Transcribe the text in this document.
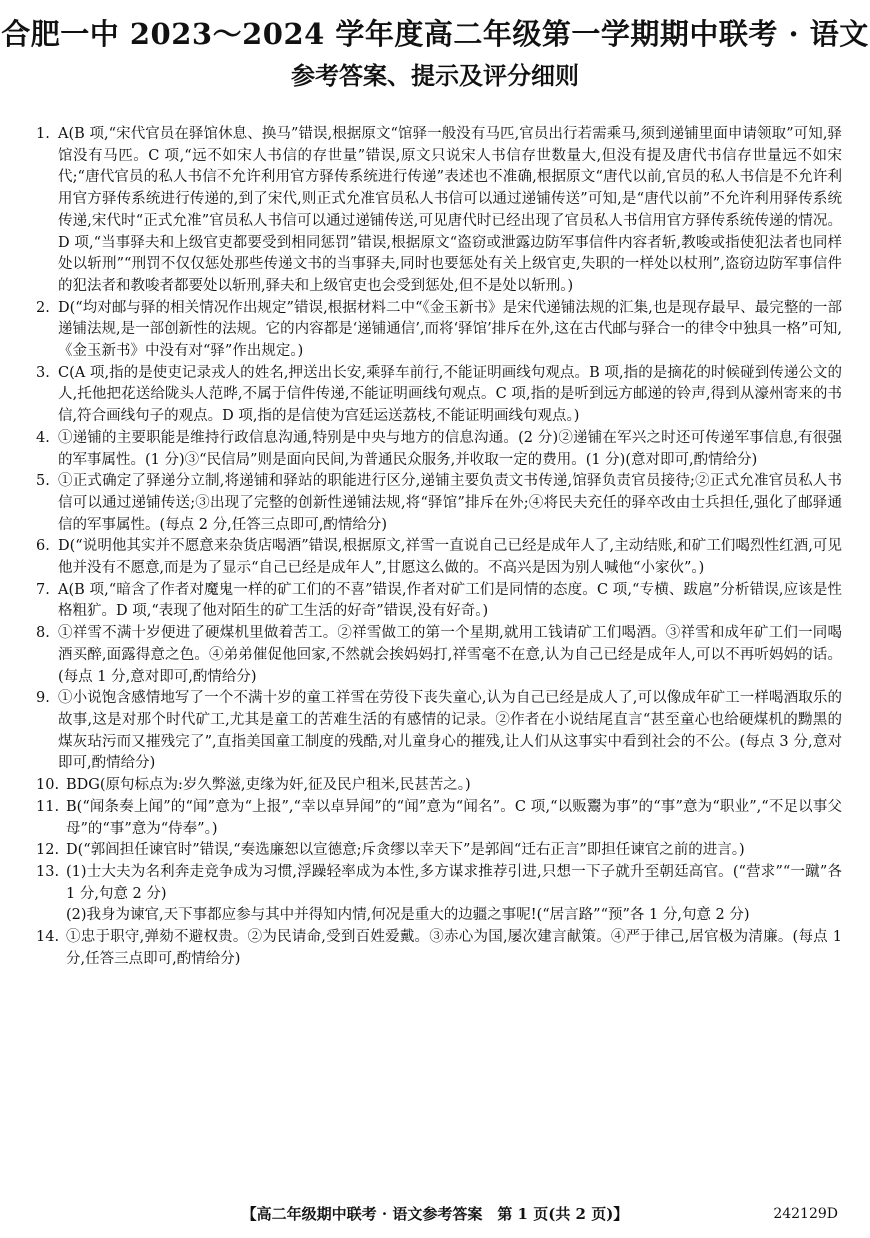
合肥一中 2023～2024 学年度高二年级第一学期期中联考 · 语文
参考答案、提示及评分细则
1. A(B 项,“宋代官员在驿馆休息、换马”错误,根据原文“馆驿一般没有马匹,官员出行若需乘马,须到递铺里面申请领取”可知,驿馆没有马匹。C 项,“远不如宋人书信的存世量”错误,原文只说宋人书信存世数量大,但没有提及唐代书信存世量远不如宋代;“唐代官员的私人书信不允许利用官方驿传系统进行传递”表述也不准确,根据原文“唐代以前,官员的私人书信是不允许利用官方驿传系统进行传递的,到了宋代,则正式允准官员私人书信可以通过递铺传送”可知,是“唐代以前”不允许利用驿传系统传递,宋代时“正式允准”官员私人书信可以通过递铺传送,可见唐代时已经出现了官员私人书信用官方驿传系统传递的情况。D 项,“当事驿夫和上级官吏都要受到相同惩罚”错误,根据原文“盗窃或泄露边防军事信件内容者斩,教唆或指使犯法者也同样处以斩刑”“刑罚不仅仅惩处那些传递文书的当事驿夫,同时也要惩处有关上级官吏,失职的一样处以杖刑”,盗窃边防军事信件的犯法者和教唆者都要处以斩刑,驿夫和上级官吏也会受到惩处,但不是处以斩刑。)
2. D(“均对邮与驿的相关情况作出规定”错误,根据材料二中“《金玉新书》是宋代递铺法规的汇集,也是现存最早、最完整的一部递铺法规,是一部创新性的法规。它的内容都是‘递铺通信’,而将‘驿馆’排斥在外,这在古代邮与驿合一的律令中独具一格”可知,《金玉新书》中没有对“驿”作出规定。)
3. C(A 项,指的是使吏记录戎人的姓名,押送出长安,乘驿车前行,不能证明画线句观点。B 项,指的是摘花的时候碰到传递公文的人,托他把花送给陇头人范晔,不属于信件传递,不能证明画线句观点。C 项,指的是听到远方邮递的铃声,得到从濠州寄来的书信,符合画线句子的观点。D 项,指的是信使为宫廷运送荔枝,不能证明画线句观点。)
4. ①递铺的主要职能是维持行政信息沟通,特别是中央与地方的信息沟通。(2 分)②递铺在军兴之时还可传递军事信息,有很强的军事属性。(1 分)③“民信局”则是面向民间,为普通民众服务,并收取一定的费用。(1 分)(意对即可,酌情给分)
5. ①正式确定了驿递分立制,将递铺和驿站的职能进行区分,递铺主要负责文书传递,馆驿负责官员接待;②正式允准官员私人书信可以通过递铺传送;③出现了完整的创新性递铺法规,将“驿馆”排斥在外;④将民夫充任的驿卒改由士兵担任,强化了邮驿通信的军事属性。(每点 2 分,任答三点即可,酌情给分)
6. D(“说明他其实并不愿意来杂货店喝酒”错误,根据原文,祥雪一直说自己已经是成年人了,主动结账,和矿工们喝烈性红酒,可见他并没有不愿意,而是为了显示“自己已经是成年人”,甘愿这么做的。不高兴是因为别人喊他“小家伙”。)
7. A(B 项,“暗含了作者对魔鬼一样的矿工们的不喜”错误,作者对矿工们是同情的态度。C 项,“专横、跋扈”分析错误,应该是性格粗犷。D 项,“表现了他对陌生的矿工生活的好奇”错误,没有好奇。)
8. ①祥雪不满十岁便进了硬煤机里做着苦工。②祥雪做工的第一个星期,就用工钱请矿工们喝酒。③祥雪和成年矿工们一同喝酒买醉,面露得意之色。④弟弟催促他回家,不然就会挨妈妈打,祥雪毫不在意,认为自己已经是成年人,可以不再听妈妈的话。(每点 1 分,意对即可,酌情给分)
9. ①小说饱含感情地写了一个不满十岁的童工祥雪在劳役下丧失童心,认为自己已经是成人了,可以像成年矿工一样喝酒取乐的故事,这是对那个时代矿工,尤其是童工的苦难生活的有感情的记录。②作者在小说结尾直言“甚至童心也给硬煤机的黝黑的煤灰玷污而又摧残完了”,直指美国童工制度的残酷,对儿童身心的摧残,让人们从这事实中看到社会的不公。(每点 3 分,意对即可,酌情给分)
10. BDG(原句标点为:岁久弊滋,吏缘为奸,征及民户租米,民甚苦之。)
11. B(“闻条奏上闻”的“闻”意为“上报”,“幸以卓异闻”的“闻”意为“闻名”。C 项,“以贩鬻为事”的“事”意为“职业”,“不足以事父母”的“事”意为“侍奉”。)
12. D(“郭闾担任谏官时”错误,“奏选廉恕以宣德意;斥贪缪以幸天下”是郭闾“迁右正言”即担任谏官之前的进言。)
13. (1)士大夫为名利奔走竞争成为习惯,浮躁轻率成为本性,多方谋求推荐引进,只想一下子就升至朝廷高官。(“营求”“一蹴”各 1 分,句意 2 分)
(2)我身为谏官,天下事都应参与其中并得知内情,何况是重大的边疆之事呢!(“居言路”“预”各 1 分,句意 2 分)
14. ①忠于职守,弹劾不避权贵。②为民请命,受到百姓爱戴。③赤心为国,屡次建言献策。④严于律己,居官极为清廉。(每点 1 分,任答三点即可,酌情给分)
【高二年级期中联考 · 语文参考答案　第 1 页(共 2 页)】	242129D
